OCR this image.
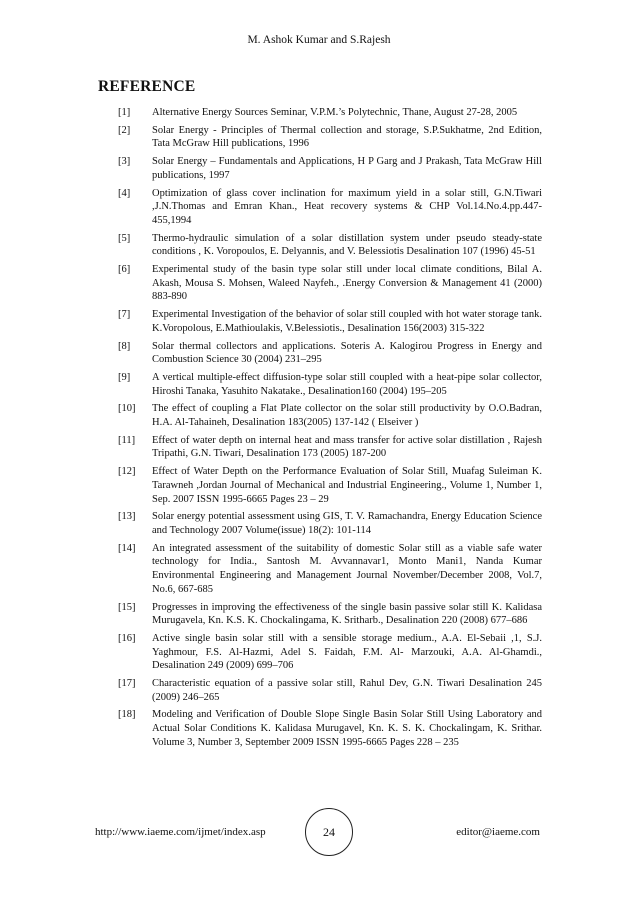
M. Ashok Kumar and S.Rajesh
REFERENCE
[1]	Alternative Energy Sources Seminar, V.P.M.’s Polytechnic, Thane, August 27-28, 2005
[2]	Solar Energy - Principles of Thermal collection and storage, S.P.Sukhatme, 2nd Edition, Tata McGraw Hill publications, 1996
[3]	Solar Energy – Fundamentals and Applications, H P Garg and J Prakash, Tata McGraw Hill publications, 1997
[4]	Optimization of glass cover inclination for maximum yield in a solar still, G.N.Tiwari ,J.N.Thomas and Emran Khan., Heat recovery systems & CHP Vol.14.No.4.pp.447-455,1994
[5]	Thermo-hydraulic simulation of a solar distillation system under pseudo steady-state conditions , K. Voropoulos, E. Delyannis, and V. Belessiotis Desalination 107 (1996) 45-51
[6]	Experimental study of the basin type solar still under local climate conditions, Bilal A. Akash, Mousa S. Mohsen, Waleed Nayfeh., .Energy Conversion & Management 41 (2000) 883-890
[7]	Experimental Investigation of the behavior of solar still coupled with hot water storage tank. K.Voropolous, E.Mathioulakis, V.Belessiotis., Desalination 156(2003) 315-322
[8]	Solar thermal collectors and applications. Soteris A. Kalogirou Progress in Energy and Combustion Science 30 (2004) 231–295
[9]	A vertical multiple-effect diffusion-type solar still coupled with a heat-pipe solar collector, Hiroshi Tanaka, Yasuhito Nakatake., Desalination160 (2004) 195–205
[10]	The effect of coupling a Flat Plate collector on the solar still productivity by O.O.Badran, H.A. Al-Tahaineh, Desalination 183(2005) 137-142 ( Elseiver )
[11]	Effect of water depth on internal heat and mass transfer for active solar distillation , Rajesh Tripathi, G.N. Tiwari, Desalination 173 (2005) 187-200
[12]	Effect of Water Depth on the Performance Evaluation of Solar Still, Muafag Suleiman K. Tarawneh ,Jordan Journal of Mechanical and Industrial Engineering., Volume 1, Number 1, Sep. 2007 ISSN 1995-6665 Pages 23 – 29
[13]	Solar energy potential assessment using GIS, T. V. Ramachandra, Energy Education Science and Technology 2007 Volume(issue) 18(2): 101-114
[14]	An integrated assessment of the suitability of domestic Solar still as a viable safe water technology for India., Santosh M. Avvannavar1, Monto Mani1, Nanda Kumar Environmental Engineering and Management Journal November/December 2008, Vol.7, No.6, 667-685
[15]	Progresses in improving the effectiveness of the single basin passive solar still K. Kalidasa Murugavela, Kn. K.S. K. Chockalingama, K. Sritharb., Desalination 220 (2008) 677–686
[16]	Active single basin solar still with a sensible storage medium., A.A. El-Sebaii ,1, S.J. Yaghmour, F.S. Al-Hazmi, Adel S. Faidah, F.M. Al- Marzouki, A.A. Al-Ghamdi., Desalination 249 (2009) 699–706
[17]	Characteristic equation of a passive solar still, Rahul Dev, G.N. Tiwari Desalination 245 (2009) 246–265
[18]	Modeling and Verification of Double Slope Single Basin Solar Still Using Laboratory and Actual Solar Conditions K. Kalidasa Murugavel, Kn. K. S. K. Chockalingam, K. Srithar. Volume 3, Number 3, September 2009 ISSN 1995-6665 Pages 228 – 235
http://www.iaeme.com/ijmet/index.asp	24	editor@iaeme.com
